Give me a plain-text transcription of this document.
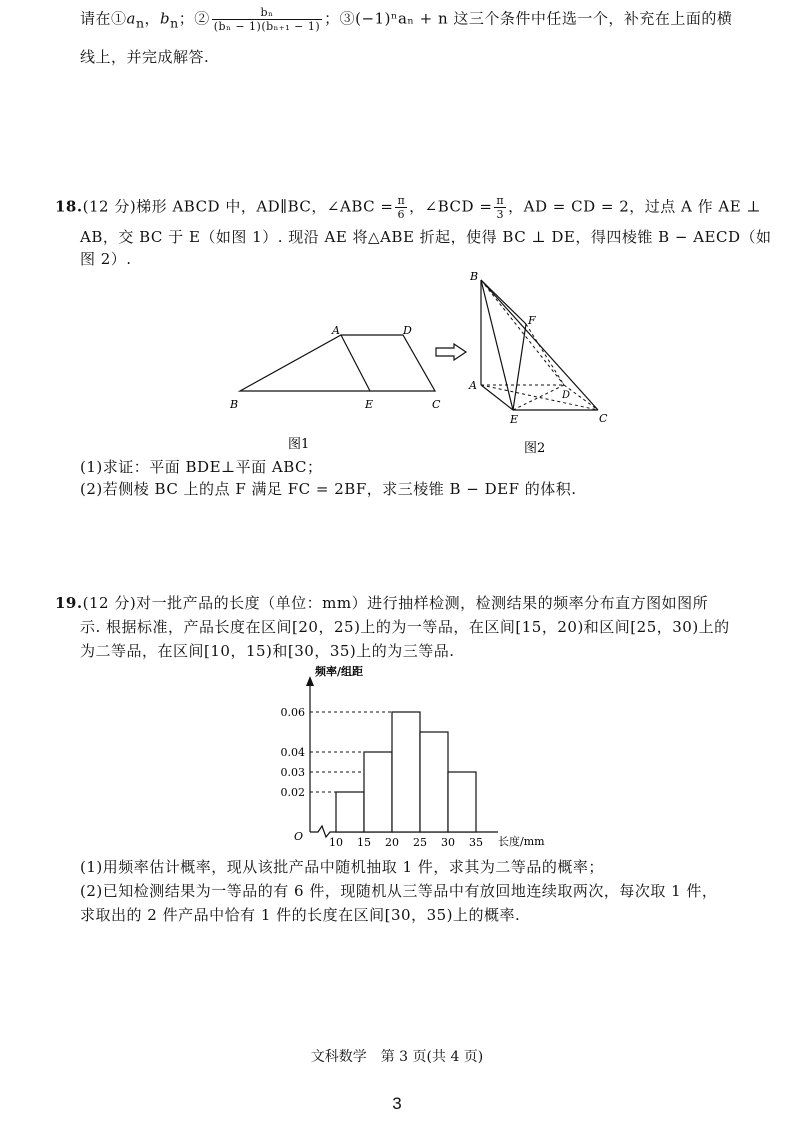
请在$①a_n$，$b_n$；② $\frac{\text{bₙ}}{\text{(bₙ − 1)(bₙ₊₁ − 1)}}$ ；③(−1)ⁿaₙ + n 这三个条件中任选一个，补充在上面的横
线上，并完成解答.
18.(12 分)梯形 ABCD 中，AD∥BC，∠ABC = $\frac{\pi}{6}$ ，∠BCD = $\frac{\pi}{3}$ ，AD = CD = 2，过点 A 作 AE ⊥
AB，交 BC 于 E（如图 1）. 现沿 AE 将△ABE 折起，使得 BC ⊥ DE，得四棱锥 B − AECD（如
图 2）.
A	D
B	E	C
图1
B
F
A
D
E	C
图2
(1)求证：平面 BDE⊥平面 ABC；
(2)若侧棱 BC 上的点 F 满足 FC = 2BF，求三棱锥 B − DEF 的体积.
19.(12 分)对一批产品的长度（单位：mm）进行抽样检测，检测结果的频率分布直方图如图所
示. 根据标准，产品长度在区间[20，25)上的为一等品，在区间[15，20)和区间[25，30)上的
为二等品，在区间[10，15)和[30，35)上的为三等品.
0.06
0.04
0.03
0.02
10 15 20 25 30 35
频率/组距
长度/mm
O
(1)用频率估计概率，现从该批产品中随机抽取 1 件，求其为二等品的概率；
(2)已知检测结果为一等品的有 6 件，现随机从三等品中有放回地连续取两次，每次取 1 件，
求取出的 2 件产品中恰有 1 件的长度在区间[30，35)上的概率.
文科数学　第 3 页(共 4 页)
3
